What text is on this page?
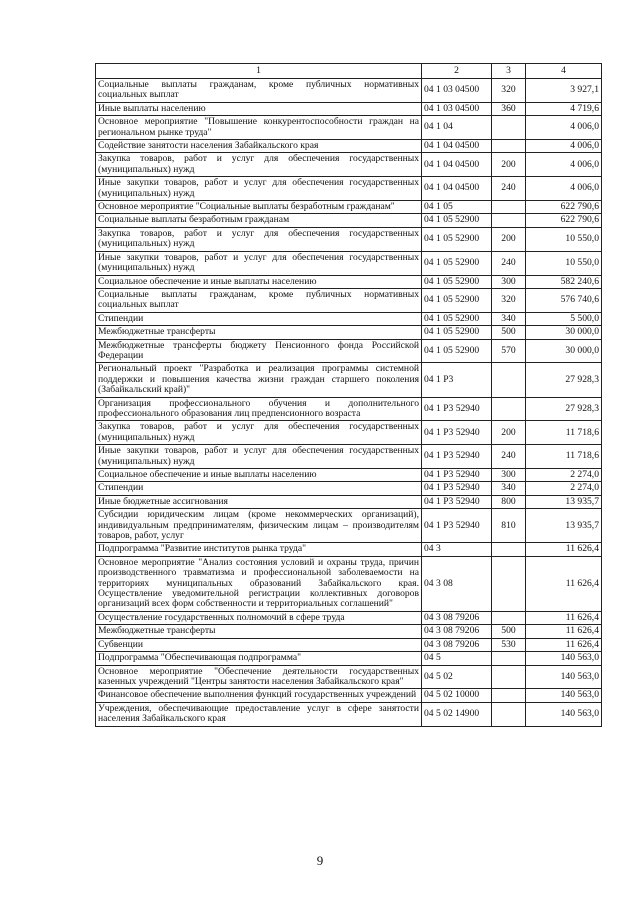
1	2	3	4
Социальные выплаты гражданам, кроме публичных нормативных социальных выплат	04 1 03 04500	320	3 927,1
Иные выплаты населению	04 1 03 04500	360	4 719,6
Основное мероприятие "Повышение конкурентоспособности граждан на региональном рынке труда"	04 1 04		4 006,0
Содействие занятости населения Забайкальского края	04 1 04 04500		4 006,0
Закупка товаров, работ и услуг для обеспечения государственных (муниципальных) нужд	04 1 04 04500	200	4 006,0
Иные закупки товаров, работ и услуг для обеспечения государственных (муниципальных) нужд	04 1 04 04500	240	4 006,0
Основное мероприятие "Социальные выплаты безработным гражданам"	04 1 05		622 790,6
Социальные выплаты безработным гражданам	04 1 05 52900		622 790,6
Закупка товаров, работ и услуг для обеспечения государственных (муниципальных) нужд	04 1 05 52900	200	10 550,0
Иные закупки товаров, работ и услуг для обеспечения государственных (муниципальных) нужд	04 1 05 52900	240	10 550,0
Социальное обеспечение и иные выплаты населению	04 1 05 52900	300	582 240,6
Социальные выплаты гражданам, кроме публичных нормативных социальных выплат	04 1 05 52900	320	576 740,6
Стипендии	04 1 05 52900	340	5 500,0
Межбюджетные трансферты	04 1 05 52900	500	30 000,0
Межбюджетные трансферты бюджету Пенсионного фонда Российской Федерации	04 1 05 52900	570	30 000,0
Региональный проект "Разработка и реализация программы системной поддержки и повышения качества жизни граждан старшего поколения (Забайкальский край)"	04 1 P3		27 928,3
Организация профессионального обучения и дополнительного профессионального образования лиц предпенсионного возраста	04 1 P3 52940		27 928,3
Закупка товаров, работ и услуг для обеспечения государственных (муниципальных) нужд	04 1 P3 52940	200	11 718,6
Иные закупки товаров, работ и услуг для обеспечения государственных (муниципальных) нужд	04 1 P3 52940	240	11 718,6
Социальное обеспечение и иные выплаты населению	04 1 P3 52940	300	2 274,0
Стипендии	04 1 P3 52940	340	2 274,0
Иные бюджетные ассигнования	04 1 P3 52940	800	13 935,7
Субсидии юридическим лицам (кроме некоммерческих организаций), индивидуальным предпринимателям, физическим лицам – производителям товаров, работ, услуг	04 1 P3 52940	810	13 935,7
Подпрограмма "Развитие институтов рынка труда"	04 3		11 626,4
Основное мероприятие "Анализ состояния условий и охраны труда, причин производственного травматизма и профессиональной заболеваемости на территориях муниципальных образований Забайкальского края. Осуществление уведомительной регистрации коллективных договоров организаций всех форм собственности и территориальных соглашений"	04 3 08		11 626,4
Осуществление государственных полномочий в сфере труда	04 3 08 79206		11 626,4
Межбюджетные трансферты	04 3 08 79206	500	11 626,4
Субвенции	04 3 08 79206	530	11 626,4
Подпрограмма "Обеспечивающая подпрограмма"	04 5		140 563,0
Основное мероприятие "Обеспечение деятельности государственных казенных учреждений "Центры занятости населения Забайкальского края"	04 5 02		140 563,0
Финансовое обеспечение выполнения функций государственных учреждений	04 5 02 10000		140 563,0
Учреждения, обеспечивающие предоставление услуг в сфере занятости населения Забайкальского края	04 5 02 14900		140 563,0
9
